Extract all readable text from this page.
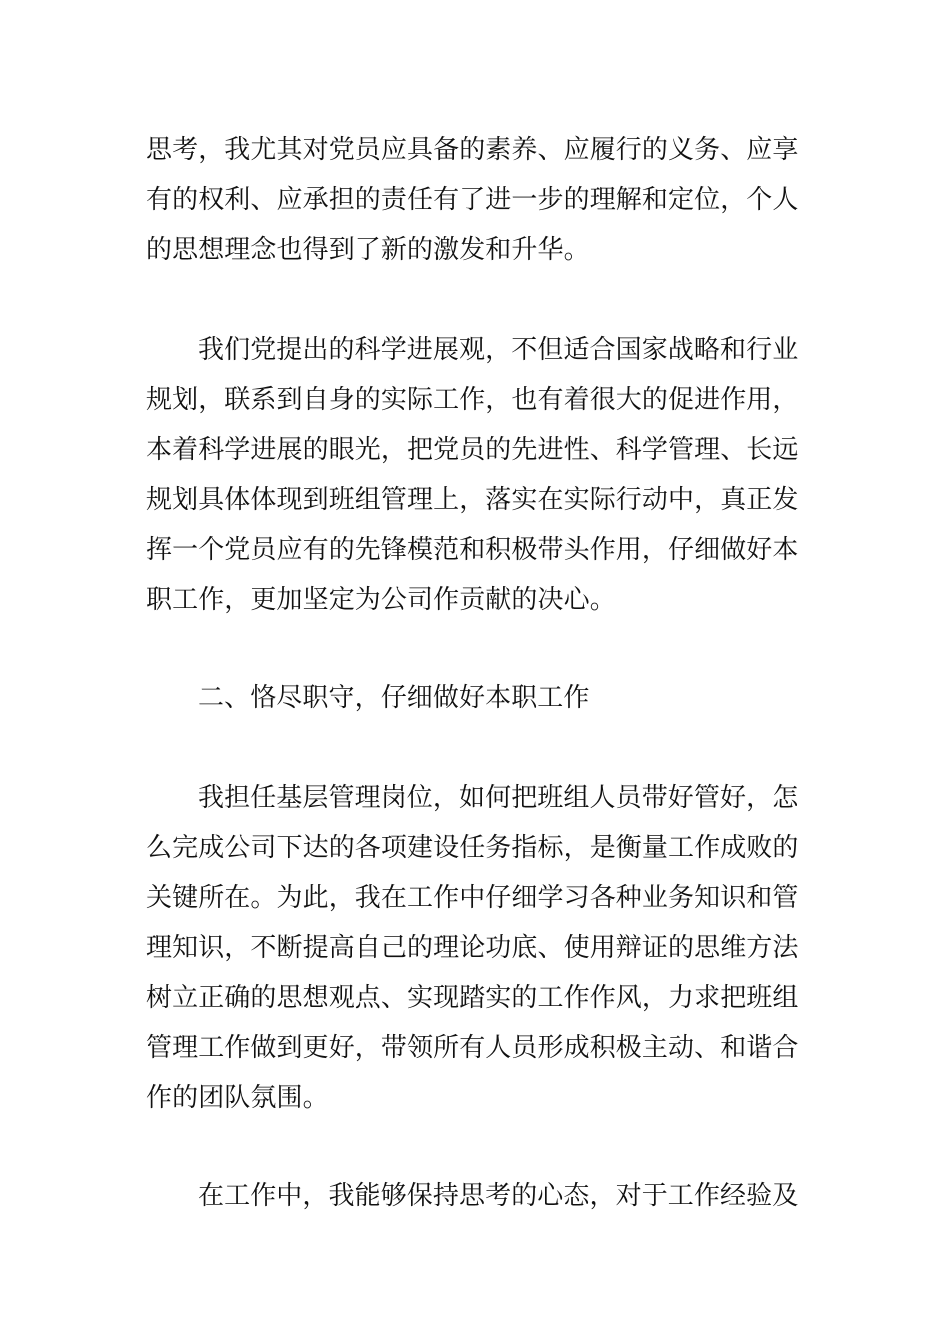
思考，我尤其对党员应具备的素养、应履行的义务、应享
有的权利、应承担的责任有了进一步的理解和定位，个人
的思想理念也得到了新的激发和升华。
我们党提出的科学进展观，不但适合国家战略和行业
规划，联系到自身的实际工作，也有着很大的促进作用，
本着科学进展的眼光，把党员的先进性、科学管理、长远
规划具体体现到班组管理上，落实在实际行动中，真正发
挥一个党员应有的先锋模范和积极带头作用，仔细做好本
职工作，更加坚定为公司作贡献的决心。
二、恪尽职守，仔细做好本职工作
我担任基层管理岗位，如何把班组人员带好管好，怎
么完成公司下达的各项建设任务指标，是衡量工作成败的
关键所在。为此，我在工作中仔细学习各种业务知识和管
理知识，不断提高自己的理论功底、使用辩证的思维方法
树立正确的思想观点、实现踏实的工作作风，力求把班组
管理工作做到更好，带领所有人员形成积极主动、和谐合
作的团队氛围。
在工作中，我能够保持思考的心态，对于工作经验及
